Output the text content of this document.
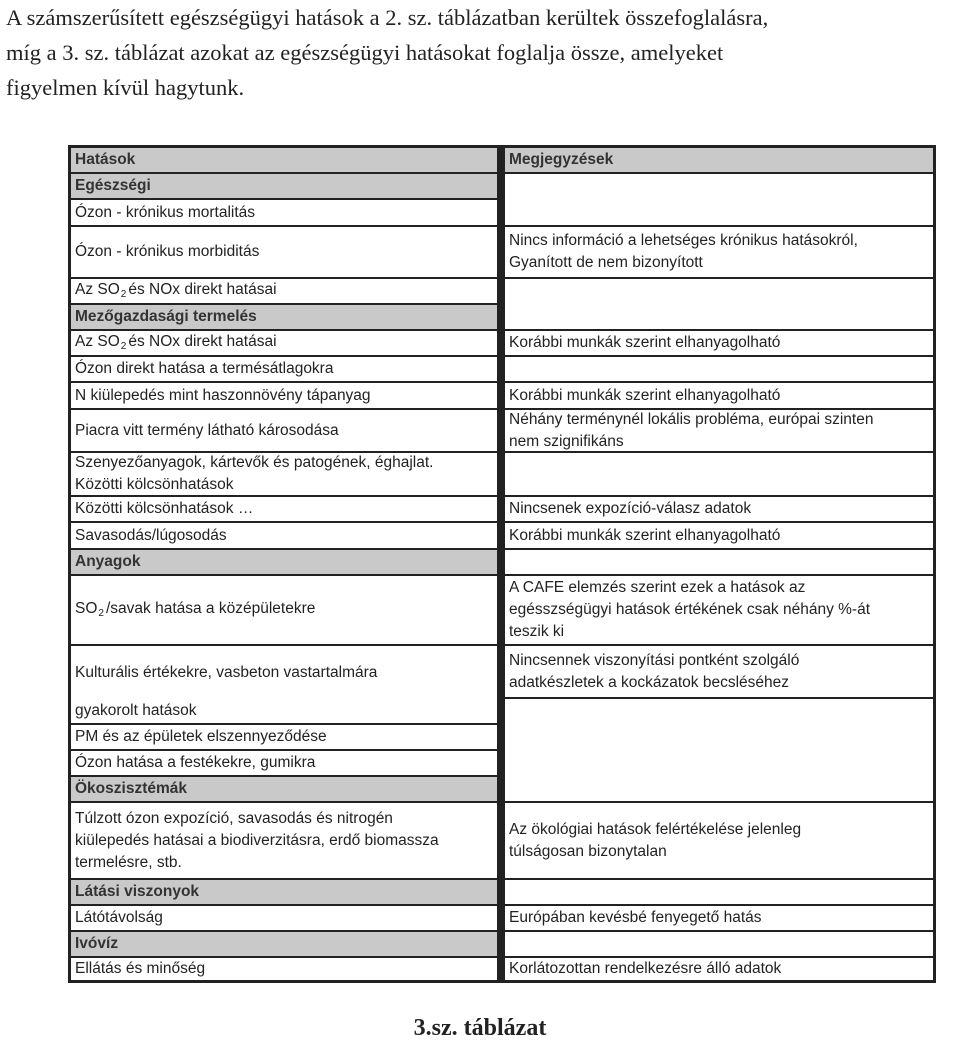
A számszerűsített egészségügyi hatások a 2. sz. táblázatban kerültek összefoglalásra,
míg a 3. sz. táblázat azokat az egészségügyi hatásokat foglalja össze, amelyeket
figyelmen kívül hagytunk.
Hatások
Egészségi
Ózon - krónikus mortalitás
Ózon - krónikus morbiditás
Az SO2 és NOx direkt hatásai
Mezőgazdasági termelés
Az SO2 és NOx direkt hatásai
Ózon direkt hatása a termésátlagokra
N kiülepedés mint haszonnövény tápanyag
Piacra vitt termény látható károsodása
Szenyezőanyagok, kártevők és patogének, éghajlat.
Közötti kölcsönhatások
Közötti kölcsönhatások …
Savasodás/lúgosodás
Anyagok
SO2 /savak hatása a középületekre
Kulturális értékekre, vasbeton vastartalmára
gyakorolt hatások
PM és az épületek elszennyeződése
Ózon hatása a festékekre, gumikra
Ökoszisztémák
Túlzott ózon expozíció, savasodás és nitrogén
kiülepedés hatásai a biodiverzitásra, erdő biomassza
termelésre, stb.
Látási viszonyok
Látótávolság
Ivóvíz
Ellátás és minőség
Megjegyzések
Nincs információ a lehetséges krónikus hatásokról,
Gyanított de nem bizonyított
Korábbi munkák szerint elhanyagolható
Korábbi munkák szerint elhanyagolható
Néhány terménynél lokális probléma, európai szinten
nem szignifikáns
Nincsenek expozíció-válasz adatok
Korábbi munkák szerint elhanyagolható
A CAFE elemzés szerint ezek a hatások az
egésszségügyi hatások értékének csak néhány %-át
teszik ki
Nincsennek viszonyítási pontként szolgáló
adatkészletek a kockázatok becsléséhez
Az ökológiai hatások felértékelése jelenleg
túlságosan bizonytalan
Európában kevésbé fenyegető hatás
Korlátozottan rendelkezésre álló adatok
3.sz. táblázat
